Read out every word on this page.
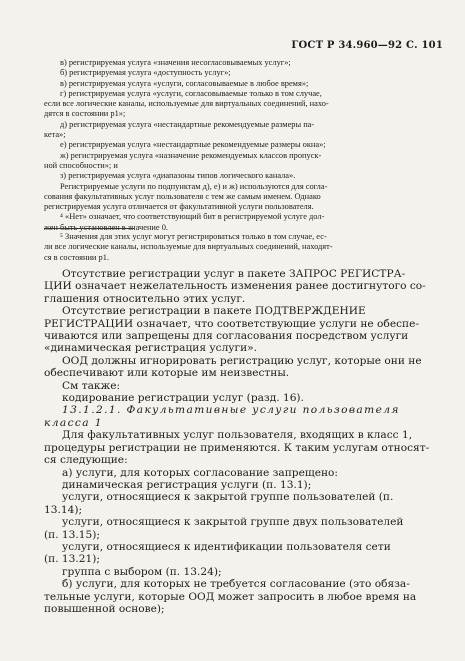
ГОСТ Р 34.960—92 С. 101

в) регистрируемая услуга «значения несогласовываемых услуг»;

б) регистрируемая услуга «доступность услуг»;

в) регистрируемая услуга «услуги, согласовываемые в любое время»;

г) регистрируемая услуга «услуги, согласовываемые только в том случае,

если все логические каналы, используемые для виртуальных соединений, нахо-

дятся в состоянии p1»;

д) регистрируемая услуга «нестандартные рекомендуемые размеры па-

кета»;

е) регистрируемая услуга «нестандартные рекомендуемые размеры окна»;

ж) регистрируемая услуга «назначение рекомендуемых классов пропуск-

ной способности»; и

з) регистрируемая услуга «диапазоны типов логического канала».

Регистрируемые услуги по подпунктам д), е) и ж) используются для согла-

сования факультативных услуг пользователя с тем же самым именем. Однако

регистрируемая услуга отличается от факультативной услуги пользователя.

⁴ «Нет» означает, что соответствующий бит в регистрируемой услуге дол-

жен быть установлен в значение 0.

⁵ Значения для этих услуг могут регистрироваться только в том случае, ес-

ли все логические каналы, используемые для виртуальных соединений, находят-

ся в состоянии p1.

Отсутствие регистрации услуг в пакете ЗАПРОС РЕГИСТРА-

ЦИИ означает нежелательность изменения ранее достигнутого со-

глашения относительно этих услуг.

Отсутствие регистрации в пакете ПОДТВЕРЖДЕНИЕ

РЕГИСТРАЦИИ означает, что соответствующие услуги не обеспе-

чиваются или запрещены для согласования посредством услуги

«динамическая регистрация услуги».

ООД должны игнорировать регистрацию услуг, которые они не

обеспечивают или которые им неизвестны.

См также:

кодирование регистрации услуг (разд. 16).

13.1.2.1. Факультативные услуги пользователя

класса 1

Для факультативных услуг пользователя, входящих в класс 1,

процедуры регистрации не применяются. К таким услугам относят-

ся следующие:

а) услуги, для которых согласование запрещено:

динамическая регистрация услуги (п. 13.1);

услуги, относящиеся к закрытой группе пользователей (п.

13.14);

услуги, относящиеся к закрытой группе двух пользователей

(п. 13.15);

услуги, относящиеся к идентификации пользователя сети

(п. 13.21);

группа с выбором (п. 13.24);

б) услуги, для которых не требуется согласование (это обяза-

тельные услуги, которые ООД может запросить в любое время на

повышенной основе);
